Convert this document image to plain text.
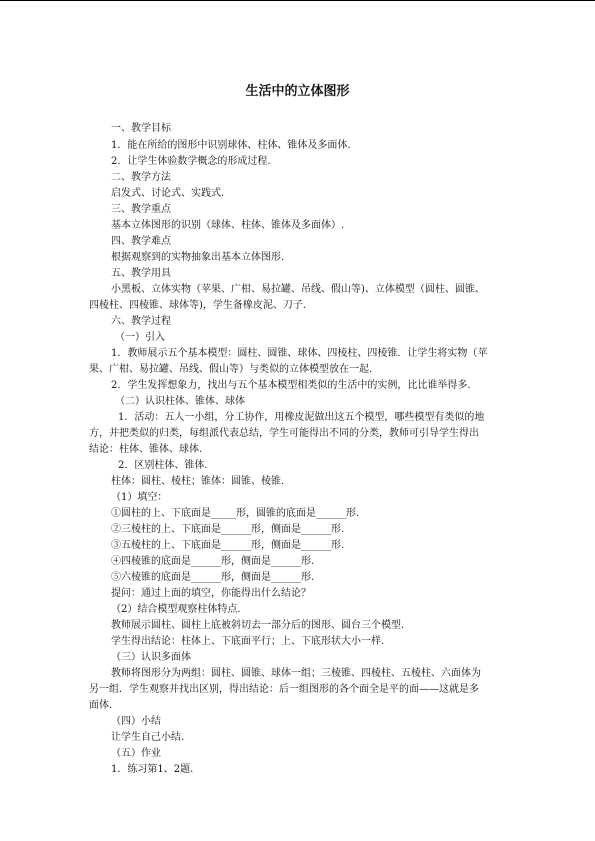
生活中的立体图形
一、教学目标
1．能在所给的图形中识别球体、柱体、锥体及多面体.
2．让学生体验数学概念的形成过程.
二、教学方法
启发式、讨论式、实践式.
三、教学重点
基本立体图形的识别（球体、柱体、锥体及多面体）.
四、教学难点
根据观察到的实物抽象出基本立体图形.
五、教学用具
小黑板、立体实物（苹果、广柑、易拉罐、吊线、假山等)、立体模型（圆柱、圆锥、
四棱柱、四棱锥、球体等)，学生备橡皮泥、刀子.
六、教学过程
（一）引入
1．教师展示五个基本模型：圆柱、圆锥、球体、四棱柱、四棱锥．让学生将实物（苹
果、广柑、易拉罐、吊线、假山等）与类似的立体模型放在一起.
2．学生发挥想象力，找出与五个基本模型相类似的生活中的实例，比比谁举得多.
（二）认识柱体、锥体、球体
1．活动：五人一小组，分工协作，用橡皮泥做出这五个模型，哪些模型有类似的地
方，并把类似的归类，每组派代表总结，学生可能得出不同的分类，教师可引导学生得出
结论：柱体、锥体、球体.
2．区别柱体、锥体.
柱体：圆柱、棱柱；锥体：圆锥、棱锥.
（1）填空：
①圆柱的上、下底面是_____形，圆锥的底面是______形.
②三棱柱的上、下底面是______形，侧面是______形.
③五棱柱的上、下底面是______形，侧面是______形.
④四棱锥的底面是______形，侧面是______形.
⑤六棱锥的底面是______形，侧面是______形.
提问：通过上面的填空，你能得出什么结论？
（2）结合模型观察柱体特点.
教师展示圆柱、圆柱上底被斜切去一部分后的图形、圆台三个模型.
学生得出结论：柱体上、下底面平行；上、下底形状大小一样.
（三）认识多面体
教师将图形分为两组：圆柱、圆锥、球体一组；三棱锥、四棱柱、五棱柱、六面体为
另一组．学生观察并找出区别，得出结论：后一组图形的各个面全是平的面——这就是多
面体.
（四）小结
让学生自己小结.
（五）作业
1．练习第1、2题.
